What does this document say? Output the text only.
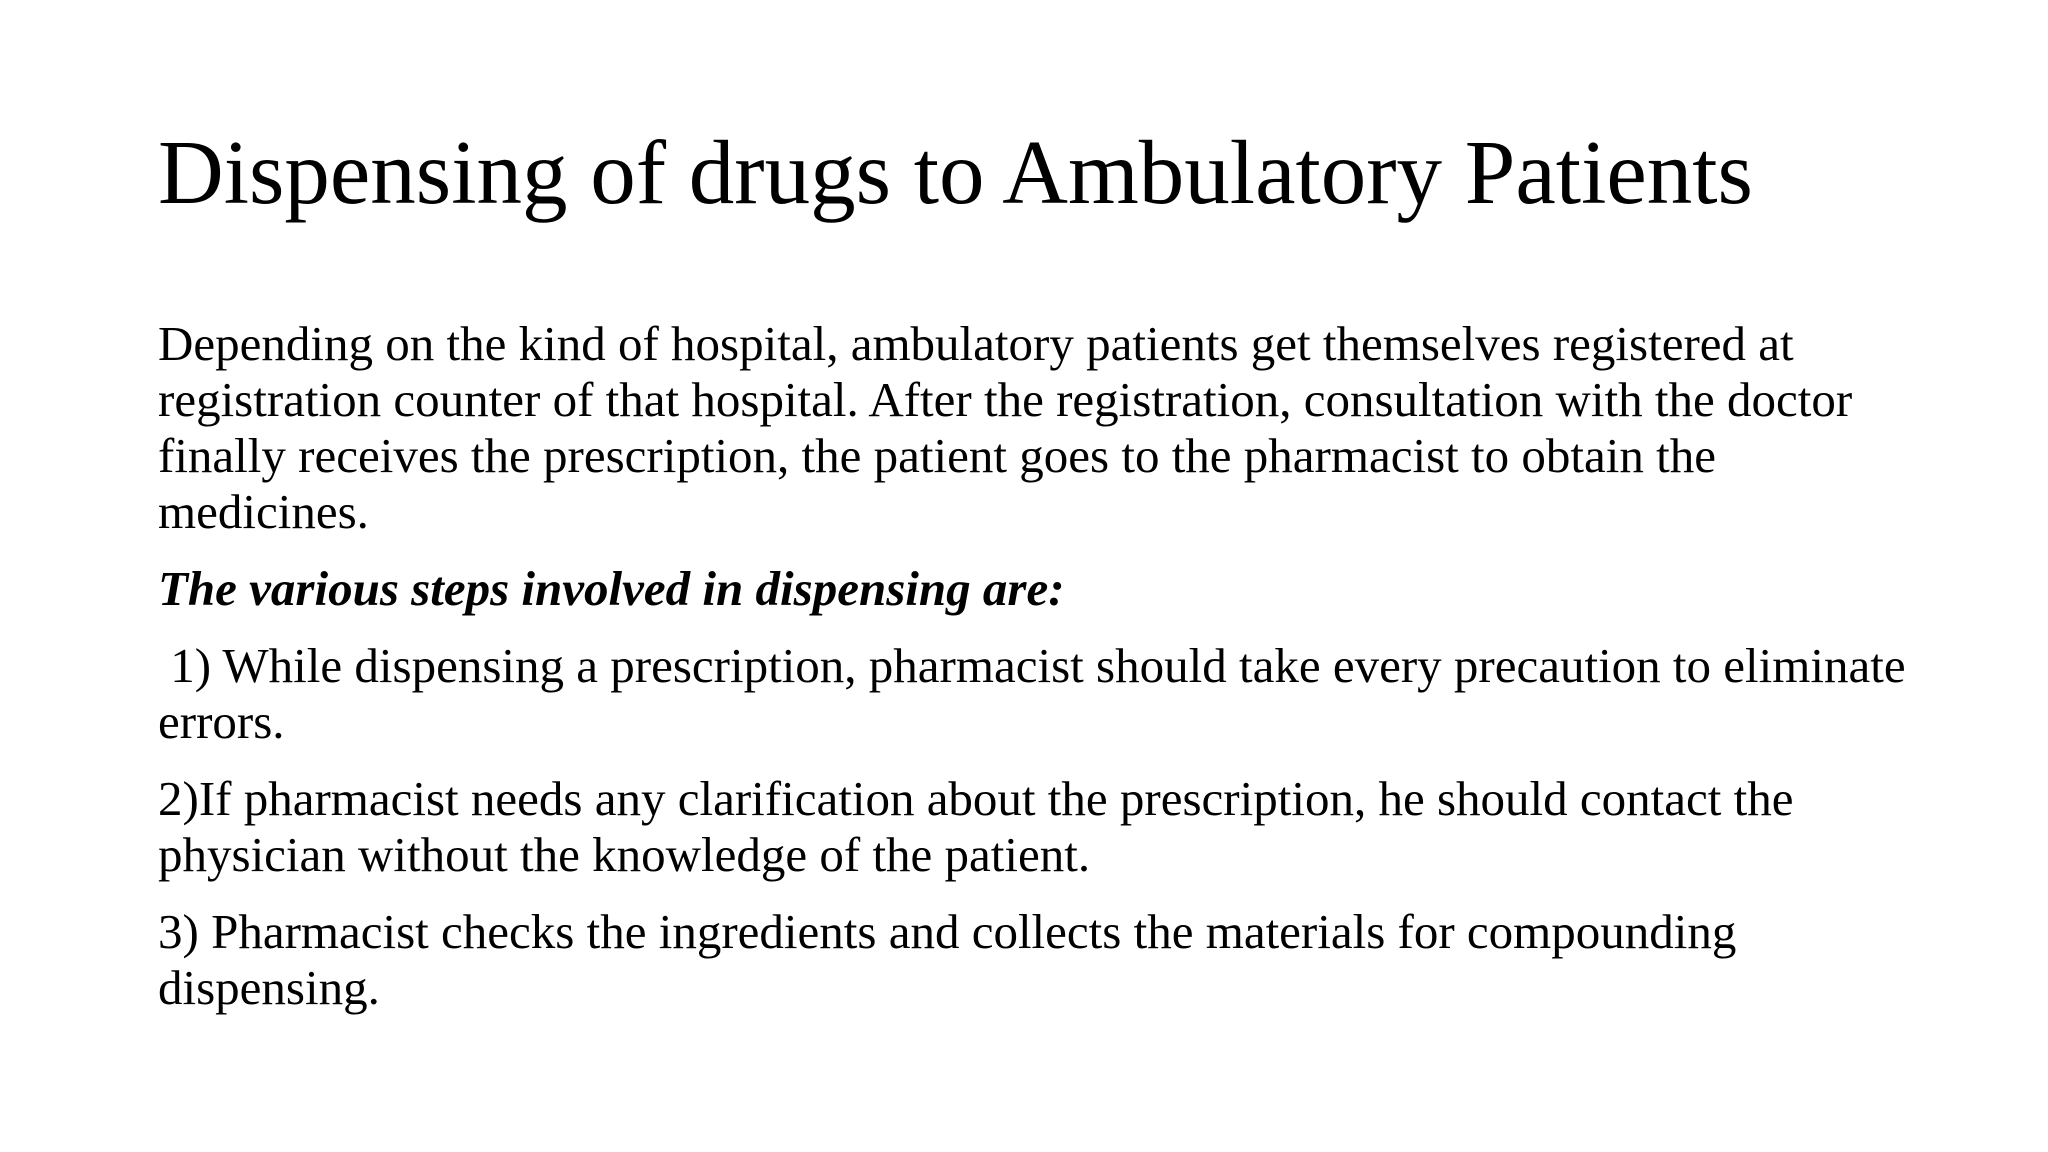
Dispensing of drugs to Ambulatory Patients

Depending on the kind of hospital, ambulatory patients get themselves registered at registration counter of that hospital. After the registration, consultation with the doctor finally receives the prescription, the patient goes to the pharmacist to obtain the medicines.

The various steps involved in dispensing are:

1) While dispensing a prescription, pharmacist should take every precaution to eliminate errors.

2)If pharmacist needs any clarification about the prescription, he should contact the physician without the knowledge of the patient.

3) Pharmacist checks the ingredients and collects the materials for compounding dispensing.
